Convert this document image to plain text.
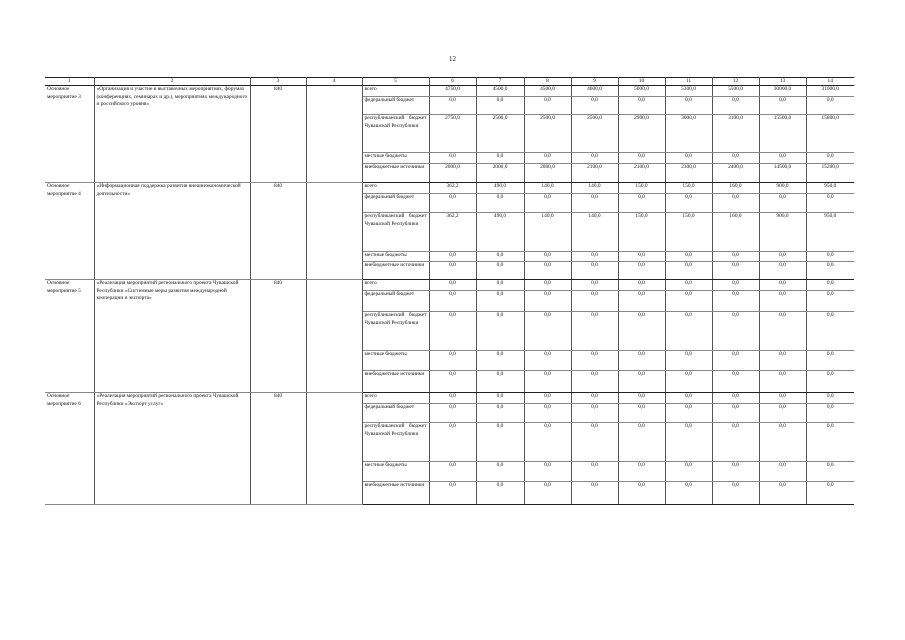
12
1	2	3	4	5	6	7	8	9	10	11	12	13	14
Основное мероприятие 3	«Организация и участие в выставочных мероприятиях, форумах (конференциях, семинарах и др.), мероприятиях международного и российского уровня»	840		всего	4750,0	4500,0	4500,0	4600,0	5000,0	5300,0	5500,0	30000,0	31000,0
				федеральный бюджет	0,0	0,0	0,0	0,0	0,0	0,0	0,0	0,0	0,0
				республиканский бюджет Чувашской Республики	2750,0	2500,0	2500,0	2500,0	2900,0	3000,0	3100,0	15500,0	15800,0
				местные бюджеты	0,0	0,0	0,0	0,0	0,0	0,0	0,0	0,0	0,0
				внебюджетные источники	2000,0	2000,0	2000,0	2100,0	2100,0	2300,0	2400,0	14500,0	15200,0
Основное мероприятие 4	«Информационная поддержка развития внешнеэкономической деятельности»	840		всего	362,2	490,0	140,0	140,0	150,0	150,0	160,0	900,0	950,0
				федеральный бюджет	0,0	0,0	0,0	0,0	0,0	0,0	0,0	0,0	0,0
				республиканский бюджет Чувашской Республики	362,2	490,0	140,0	140,0	150,0	150,0	160,0	900,0	950,0
				местные бюджеты	0,0	0,0	0,0	0,0	0,0	0,0	0,0	0,0	0,0
				внебюджетные источники	0,0	0,0	0,0	0,0	0,0	0,0	0,0	0,0	0,0
Основное мероприятие 5	«Реализация мероприятий регионального проекта Чувашской Республики «Системные меры развития международной кооперации и экспорта»	840		всего	0,0	0,0	0,0	0,0	0,0	0,0	0,0	0,0	0,0
				федеральный бюджет	0,0	0,0	0,0	0,0	0,0	0,0	0,0	0,0	0,0
				республиканский бюджет Чувашской Республики	0,0	0,0	0,0	0,0	0,0	0,0	0,0	0,0	0,0
				местные бюджеты	0,0	0,0	0,0	0,0	0,0	0,0	0,0	0,0	0,0
				внебюджетные источники	0,0	0,0	0,0	0,0	0,0	0,0	0,0	0,0	0,0
Основное мероприятие 6	«Реализация мероприятий регионального проекта Чувашской Республики «Экспорт услуг»	840		всего	0,0	0,0	0,0	0,0	0,0	0,0	0,0	0,0	0,0
				федеральный бюджет	0,0	0,0	0,0	0,0	0,0	0,0	0,0	0,0	0,0
				республиканский бюджет Чувашской Республики	0,0	0,0	0,0	0,0	0,0	0,0	0,0	0,0	0,0
				местные бюджеты	0,0	0,0	0,0	0,0	0,0	0,0	0,0	0,0	0,0
				внебюджетные источники	0,0	0,0	0,0	0,0	0,0	0,0	0,0	0,0	0,0
